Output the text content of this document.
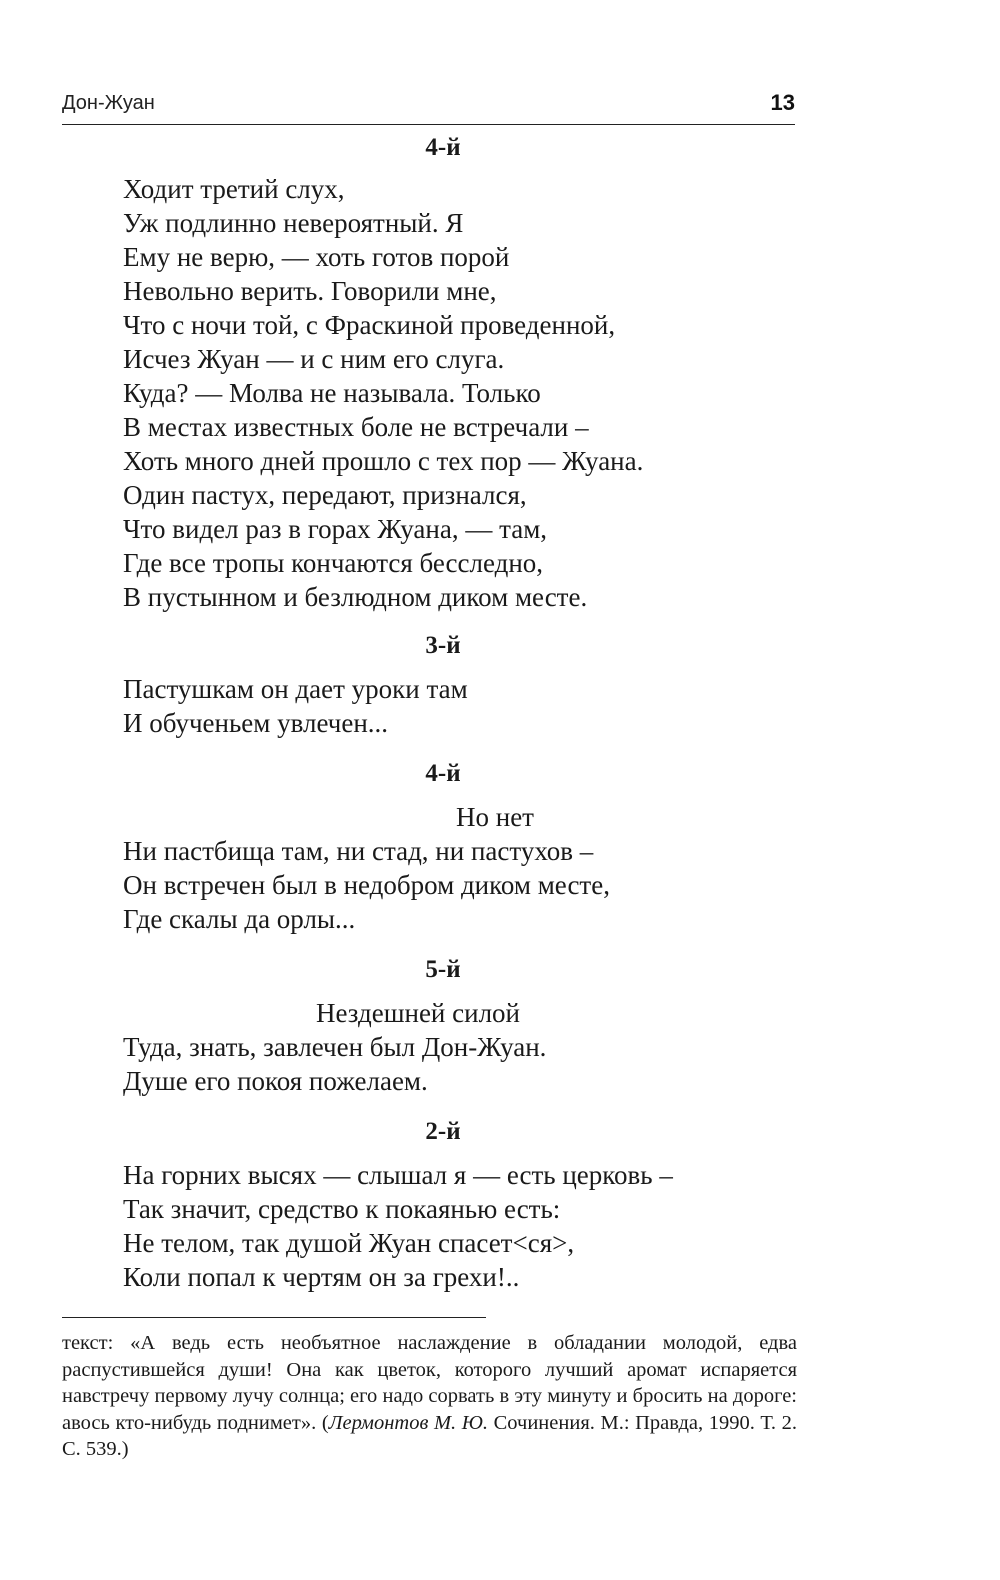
Дон-Жуан	13
4-й
Ходит третий слух,
Уж подлинно невероятный. Я
Ему не верю, — хоть готов порой
Невольно верить. Говорили мне,
Что с ночи той, с Фраскиной проведенной,
Исчез Жуан — и с ним его слуга.
Куда? — Молва не называла. Только
В местах известных боле не встречали –
Хоть много дней прошло с тех пор — Жуана.
Один пастух, передают, признался,
Что видел раз в горах Жуана, — там,
Где все тропы кончаются бесследно,
В пустынном и безлюдном диком месте.
3-й
Пастушкам он дает уроки там
И обученьем увлечен...
4-й
Но нет
Ни пастбища там, ни стад, ни пастухов –
Он встречен был в недобром диком месте,
Где скалы да орлы...
5-й
Нездешней силой
Туда, знать, завлечен был Дон-Жуан.
Душе его покоя пожелаем.
2-й
На горних высях — слышал я — есть церковь –
Так значит, средство к покаянью есть:
Не телом, так душой Жуан спасет<ся>,
Коли попал к чертям он за грехи!..
текст: «А ведь есть необъятное наслаждение в обладании молодой, едва распустившейся души! Она как цветок, которого лучший аромат испаряется навстречу первому лучу солнца; его надо сорвать в эту минуту и бросить на дороге: авось кто-нибудь поднимет». (Лермонтов М. Ю. Сочинения. М.: Правда, 1990. Т. 2. С. 539.)
